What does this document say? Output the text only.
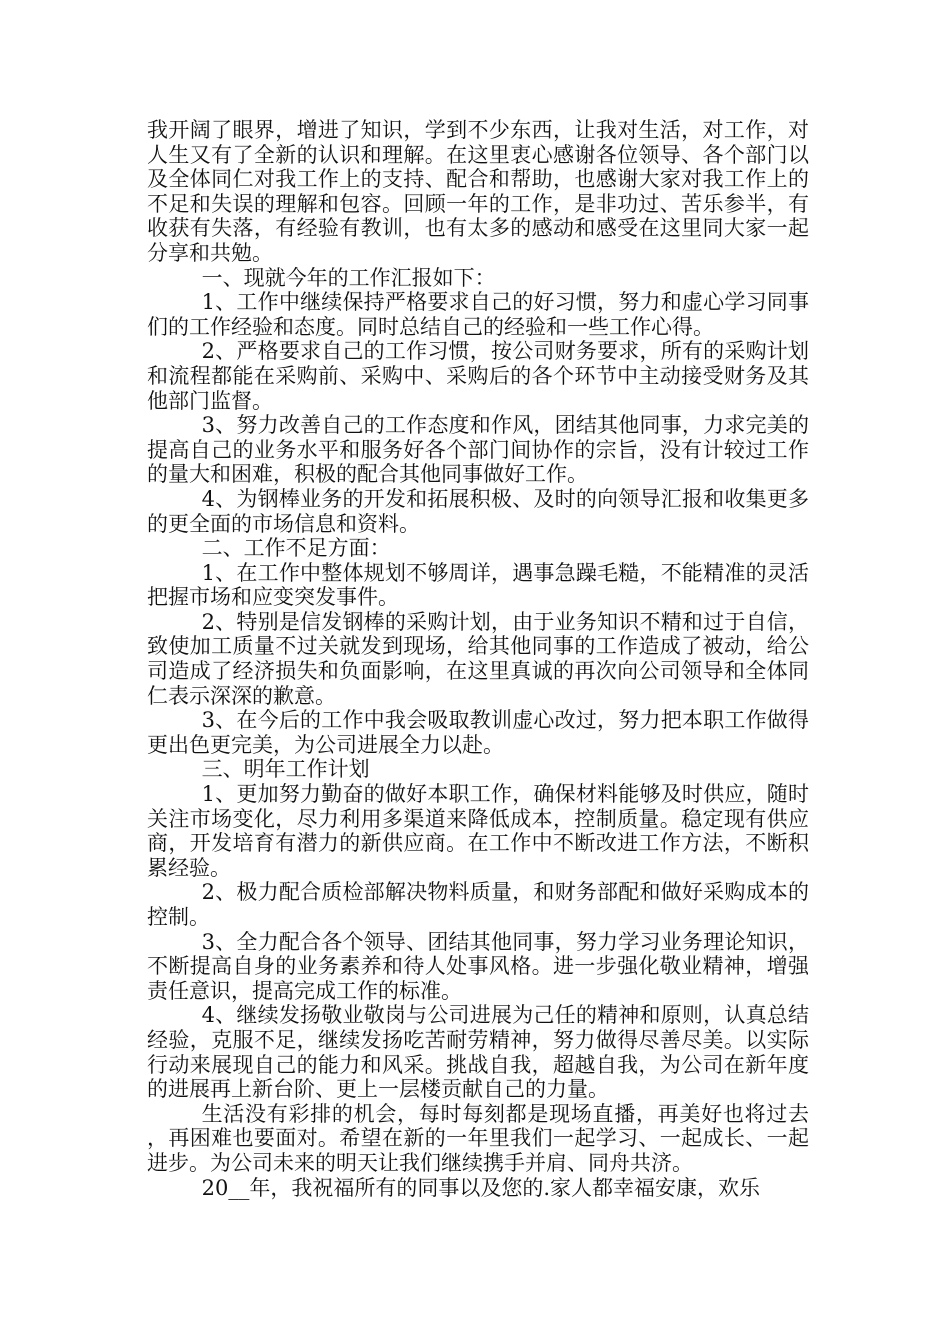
我开阔了眼界，增进了知识，学到不少东西，让我对生活，对工作，对人生又有了全新的认识和理解。在这里衷心感谢各位领导、各个部门以及全体同仁对我工作上的支持、配合和帮助，也感谢大家对我工作上的不足和失误的理解和包容。回顾一年的工作，是非功过、苦乐参半，有收获有失落，有经验有教训，也有太多的感动和感受在这里同大家一起分享和共勉。

一、现就今年的工作汇报如下：

1、工作中继续保持严格要求自己的好习惯，努力和虚心学习同事们的工作经验和态度。同时总结自己的经验和一些工作心得。

2、严格要求自己的工作习惯，按公司财务要求，所有的采购计划和流程都能在采购前、采购中、采购后的各个环节中主动接受财务及其他部门监督。

3、努力改善自己的工作态度和作风，团结其他同事，力求完美的提高自己的业务水平和服务好各个部门间协作的宗旨，没有计较过工作的量大和困难，积极的配合其他同事做好工作。

4、为钢棒业务的开发和拓展积极、及时的向领导汇报和收集更多的更全面的市场信息和资料。

二、工作不足方面：

1、在工作中整体规划不够周详，遇事急躁毛糙，不能精准的灵活把握市场和应变突发事件。

2、特别是信发钢棒的采购计划，由于业务知识不精和过于自信，致使加工质量不过关就发到现场，给其他同事的工作造成了被动，给公司造成了经济损失和负面影响，在这里真诚的再次向公司领导和全体同仁表示深深的歉意。

3、在今后的工作中我会吸取教训虚心改过，努力把本职工作做得更出色更完美，为公司进展全力以赴。

三、明年工作计划

1、更加努力勤奋的做好本职工作，确保材料能够及时供应，随时关注市场变化，尽力利用多渠道来降低成本，控制质量。稳定现有供应商，开发培育有潜力的新供应商。在工作中不断改进工作方法，不断积累经验。

2、极力配合质检部解决物料质量，和财务部配和做好采购成本的控制。

3、全力配合各个领导、团结其他同事，努力学习业务理论知识，不断提高自身的业务素养和待人处事风格。进一步强化敬业精神，增强责任意识，提高完成工作的标准。

4、继续发扬敬业敬岗与公司进展为己任的精神和原则，认真总结经验，克服不足，继续发扬吃苦耐劳精神，努力做得尽善尽美。以实际行动来展现自己的能力和风采。挑战自我，超越自我，为公司在新年度的进展再上新台阶、更上一层楼贡献自己的力量。

生活没有彩排的机会，每时每刻都是现场直播，再美好也将过去，再困难也要面对。希望在新的一年里我们一起学习、一起成长、一起进步。为公司未来的明天让我们继续携手并肩、同舟共济。

20__年，我祝福所有的同事以及您的.家人都幸福安康，欢乐
